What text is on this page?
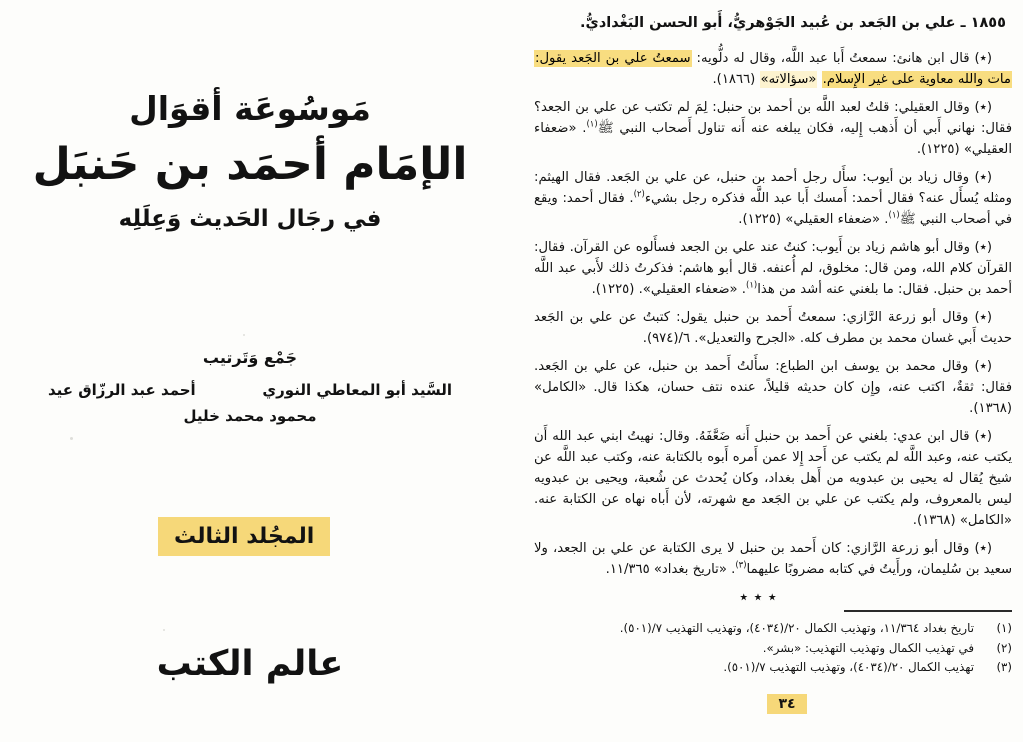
مَوسُوعَة أقوَال
الإمَام أحمَد بن حَنبَل
في رجَال الحَديث وَعِلَلِه
جَمْع وَتَرتيب
السَّيد أبو المعاطي النوري
أحمد عبد الرزّاق عيد
محمود محمد خليل
المجُلد الثالث
عالم الكتب
١٨٥٥ ـ علي بن الجَعد بن عُبيد الجَوْهريُّ، أَبو الحسن البَغْداديُّ.

(٭) قال ابن هانئ: سمعتُ أَبا عبد اللَّه، وقال له دلُّويه: سمعتُ علي بن الجَعد يقول: مات والله معاوية على غير الإِسلام. «سؤالاته» (١٨٦٦).

(٭) وقال العقيلي: قلتُ لعبد اللَّه بن أحمد بن حنبل: لِمَ لم تكتب عن علي بن الجعد؟ فقال: نهاني أَبي أن أَذهب إِليه، فكان يبلغه عنه أَنه تناول أَصحاب النبي ﷺ$^{(١)}$. «ضعفاء العقيلي» (١٢٢٥).

(٭) وقال زياد بن أيوب: سأَل رجل أحمد بن حنبل، عن علي بن الجَعد. فقال الهيثم: ومثله يُسأَل عنه؟ فقال أحمد: أَمسك أَبا عبد اللَّه فذكره رجل بشيء$^{(٢)}$. فقال أحمد: ويقع في أصحاب النبي ﷺ$^{(١)}$. «ضعفاء العقيلي» (١٢٢٥).

(٭) وقال أبو هاشم زياد بن أَيوب: كنتُ عند علي بن الجعد فسأَلوه عن القرآن. فقال: القرآن كلام الله، ومن قال: مخلوق، لم أُعنفه. قال أبو هاشم: فذكرتُ ذلك لأَبي عبد اللَّه أحمد بن حنبل. فقال: ما بلغني عنه أشد من هذا$^{(١)}$. «ضعفاء العقيلي». (١٢٢٥).

(٭) وقال أبو زرعة الرَّازي: سمعتُ أَحمد بن حنبل يقول: كتبتُ عن علي بن الجَعد حديث أَبي غسان محمد بن مطرف كله. «الجرح والتعديل». ٦/(٩٧٤).

(٭) وقال محمد بن يوسف ابن الطباع: سأَلتُ أَحمد بن حنبل، عن علي بن الجَعد. فقال: ثقةٌ، اكتب عنه، وإِن كان حديثه قليلاً، عنده نتف حسان، هكذا قال. «الكامل» (١٣٦٨).

(٭) قال ابن عدي: بلغني عن أَحمد بن حنبل أَنه ضَعَّفَهُ. وقال: نهيتُ ابني عبد الله أَن يكتب عنه، وعبد اللَّه لم يكتب عن أَحد إِلا عمن أَمره أَبوه بالكتابة عنه، وكتب عبد اللَّه عن شيخ يُقال له يحيى بن عبدويه من أَهل بغداد، وكان يُحدث عن شُعبة، ويحيى بن عبدويه ليس بالمعروف، ولم يكتب عن علي بن الجَعد مع شهرته، لأن أَباه نهاه عن الكتابة عنه. «الكامل» (١٣٦٨).

(٭) وقال أبو زرعة الرَّازي: كان أَحمد بن حنبل لا يرى الكتابة عن علي بن الجعد، ولا سعيد بن سُليمان، ورأَيتُ في كتابه مضروبًا عليهما$^{(٣)}$. «تاريخ بغداد» ١١/٣٦٥.

٭ ٭ ٭
(١)
تاريخ بغداد ١١/٣٦٤، وتهذيب الكمال ٢٠/(٤٠٣٤)، وتهذيب التهذيب ٧/(٥٠١).
(٢)
في تهذيب الكمال وتهذيب التهذيب: «بشر».
(٣)
تهذيب الكمال ٢٠/(٤٠٣٤)، وتهذيب التهذيب ٧/(٥٠١).
٣٤
